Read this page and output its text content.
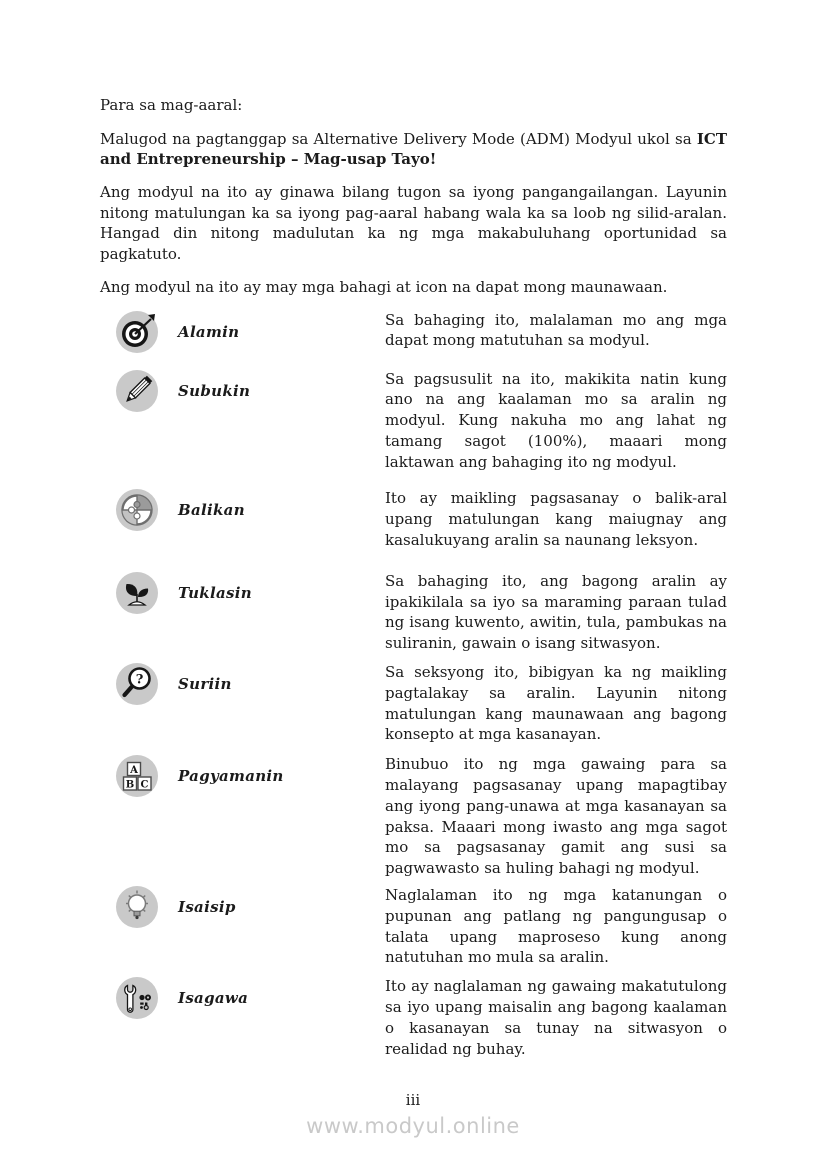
Para sa mag-aaral:

Malugod na pagtanggap sa Alternative Delivery Mode (ADM) Modyul ukol sa ICT and Entrepreneurship – Mag-usap Tayo!

Ang modyul na ito ay ginawa bilang tugon sa iyong pangangailangan. Layunin nitong matulungan ka sa iyong pag-aaral habang wala ka sa loob ng silid-aralan. Hangad din nitong madulutan ka ng mga makabuluhang oportunidad sa pagkatuto.

Ang modyul na ito ay may mga bahagi at icon na dapat mong maunawaan.

Alamin
Sa bahaging ito, malalaman mo ang mga dapat mong matutuhan sa modyul.
Subukin
Sa pagsusulit na ito, makikita natin kung ano na ang kaalaman mo sa aralin ng modyul. Kung nakuha mo ang lahat ng tamang sagot (100%), maaari mong laktawan ang bahaging ito ng modyul.
Balikan
Ito ay maikling pagsasanay o balik-aral upang matulungan kang maiugnay ang kasalukuyang aralin sa naunang leksyon.
Tuklasin
Sa bahaging ito, ang bagong aralin ay ipakikilala sa iyo sa maraming paraan tulad ng isang kuwento, awitin, tula, pambukas na suliranin, gawain o isang sitwasyon.
? Suriin
Sa seksyong ito, bibigyan ka ng maikling pagtalakay sa aralin. Layunin nitong matulungan kang maunawaan ang bagong konsepto at mga kasanayan.
A
B C Pagyamanin
Binubuo ito ng mga gawaing para sa malayang pagsasanay upang mapagtibay ang iyong pang-unawa at mga kasanayan sa paksa. Maaari mong iwasto ang mga sagot mo sa pagsasanay gamit ang susi sa pagwawasto sa huling bahagi ng modyul.
Isaisip
Naglalaman ito ng mga katanungan o pupunan ang patlang ng pangungusap o talata upang maproseso kung anong natutuhan mo mula sa aralin.
Isagawa
Ito ay naglalaman ng gawaing makatutulong sa iyo upang maisalin ang bagong kaalaman o kasanayan sa tunay na sitwasyon o realidad ng buhay.
iii
www.modyul.online
